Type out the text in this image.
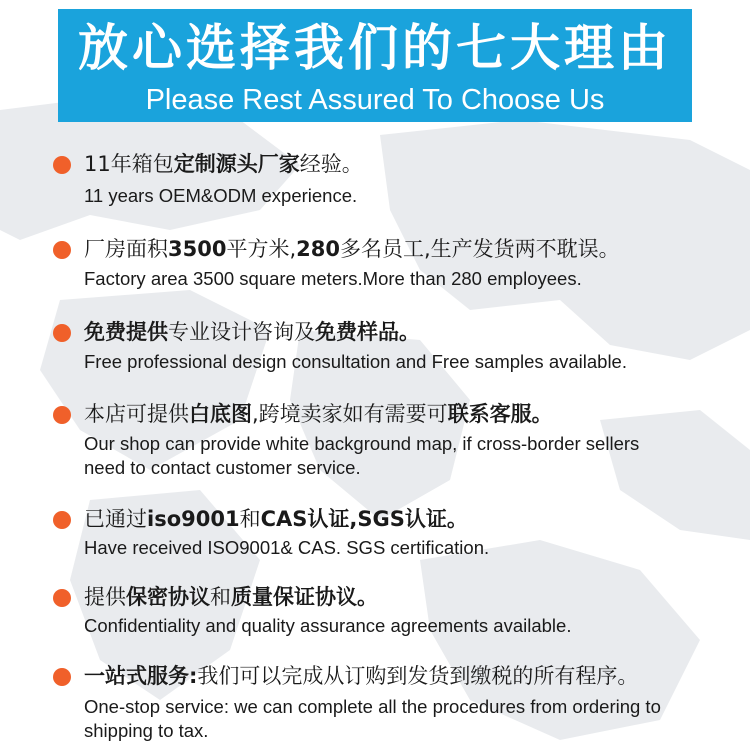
放心选择我们的七大理由
Please Rest Assured To Choose Us
11年箱包定制源头厂家经验。
11 years OEM&ODM experience.
厂房面积3500平方米,280多名员工,生产发货两不耽误。
Factory area 3500 square meters.More than 280 employees.
免费提供专业设计咨询及免费样品。
Free professional design consultation and Free samples available.
本店可提供白底图,跨境卖家如有需要可联系客服。
Our shop can provide white background map, if cross-border sellers need to contact customer service.
已通过iso9001和CAS认证,SGS认证。
Have received ISO9001& CAS. SGS certification.
提供保密协议和质量保证协议。
Confidentiality and quality assurance agreements available.
一站式服务:我们可以完成从订购到发货到缴税的所有程序。
One-stop service: we can complete all the procedures from ordering to shipping to tax.
